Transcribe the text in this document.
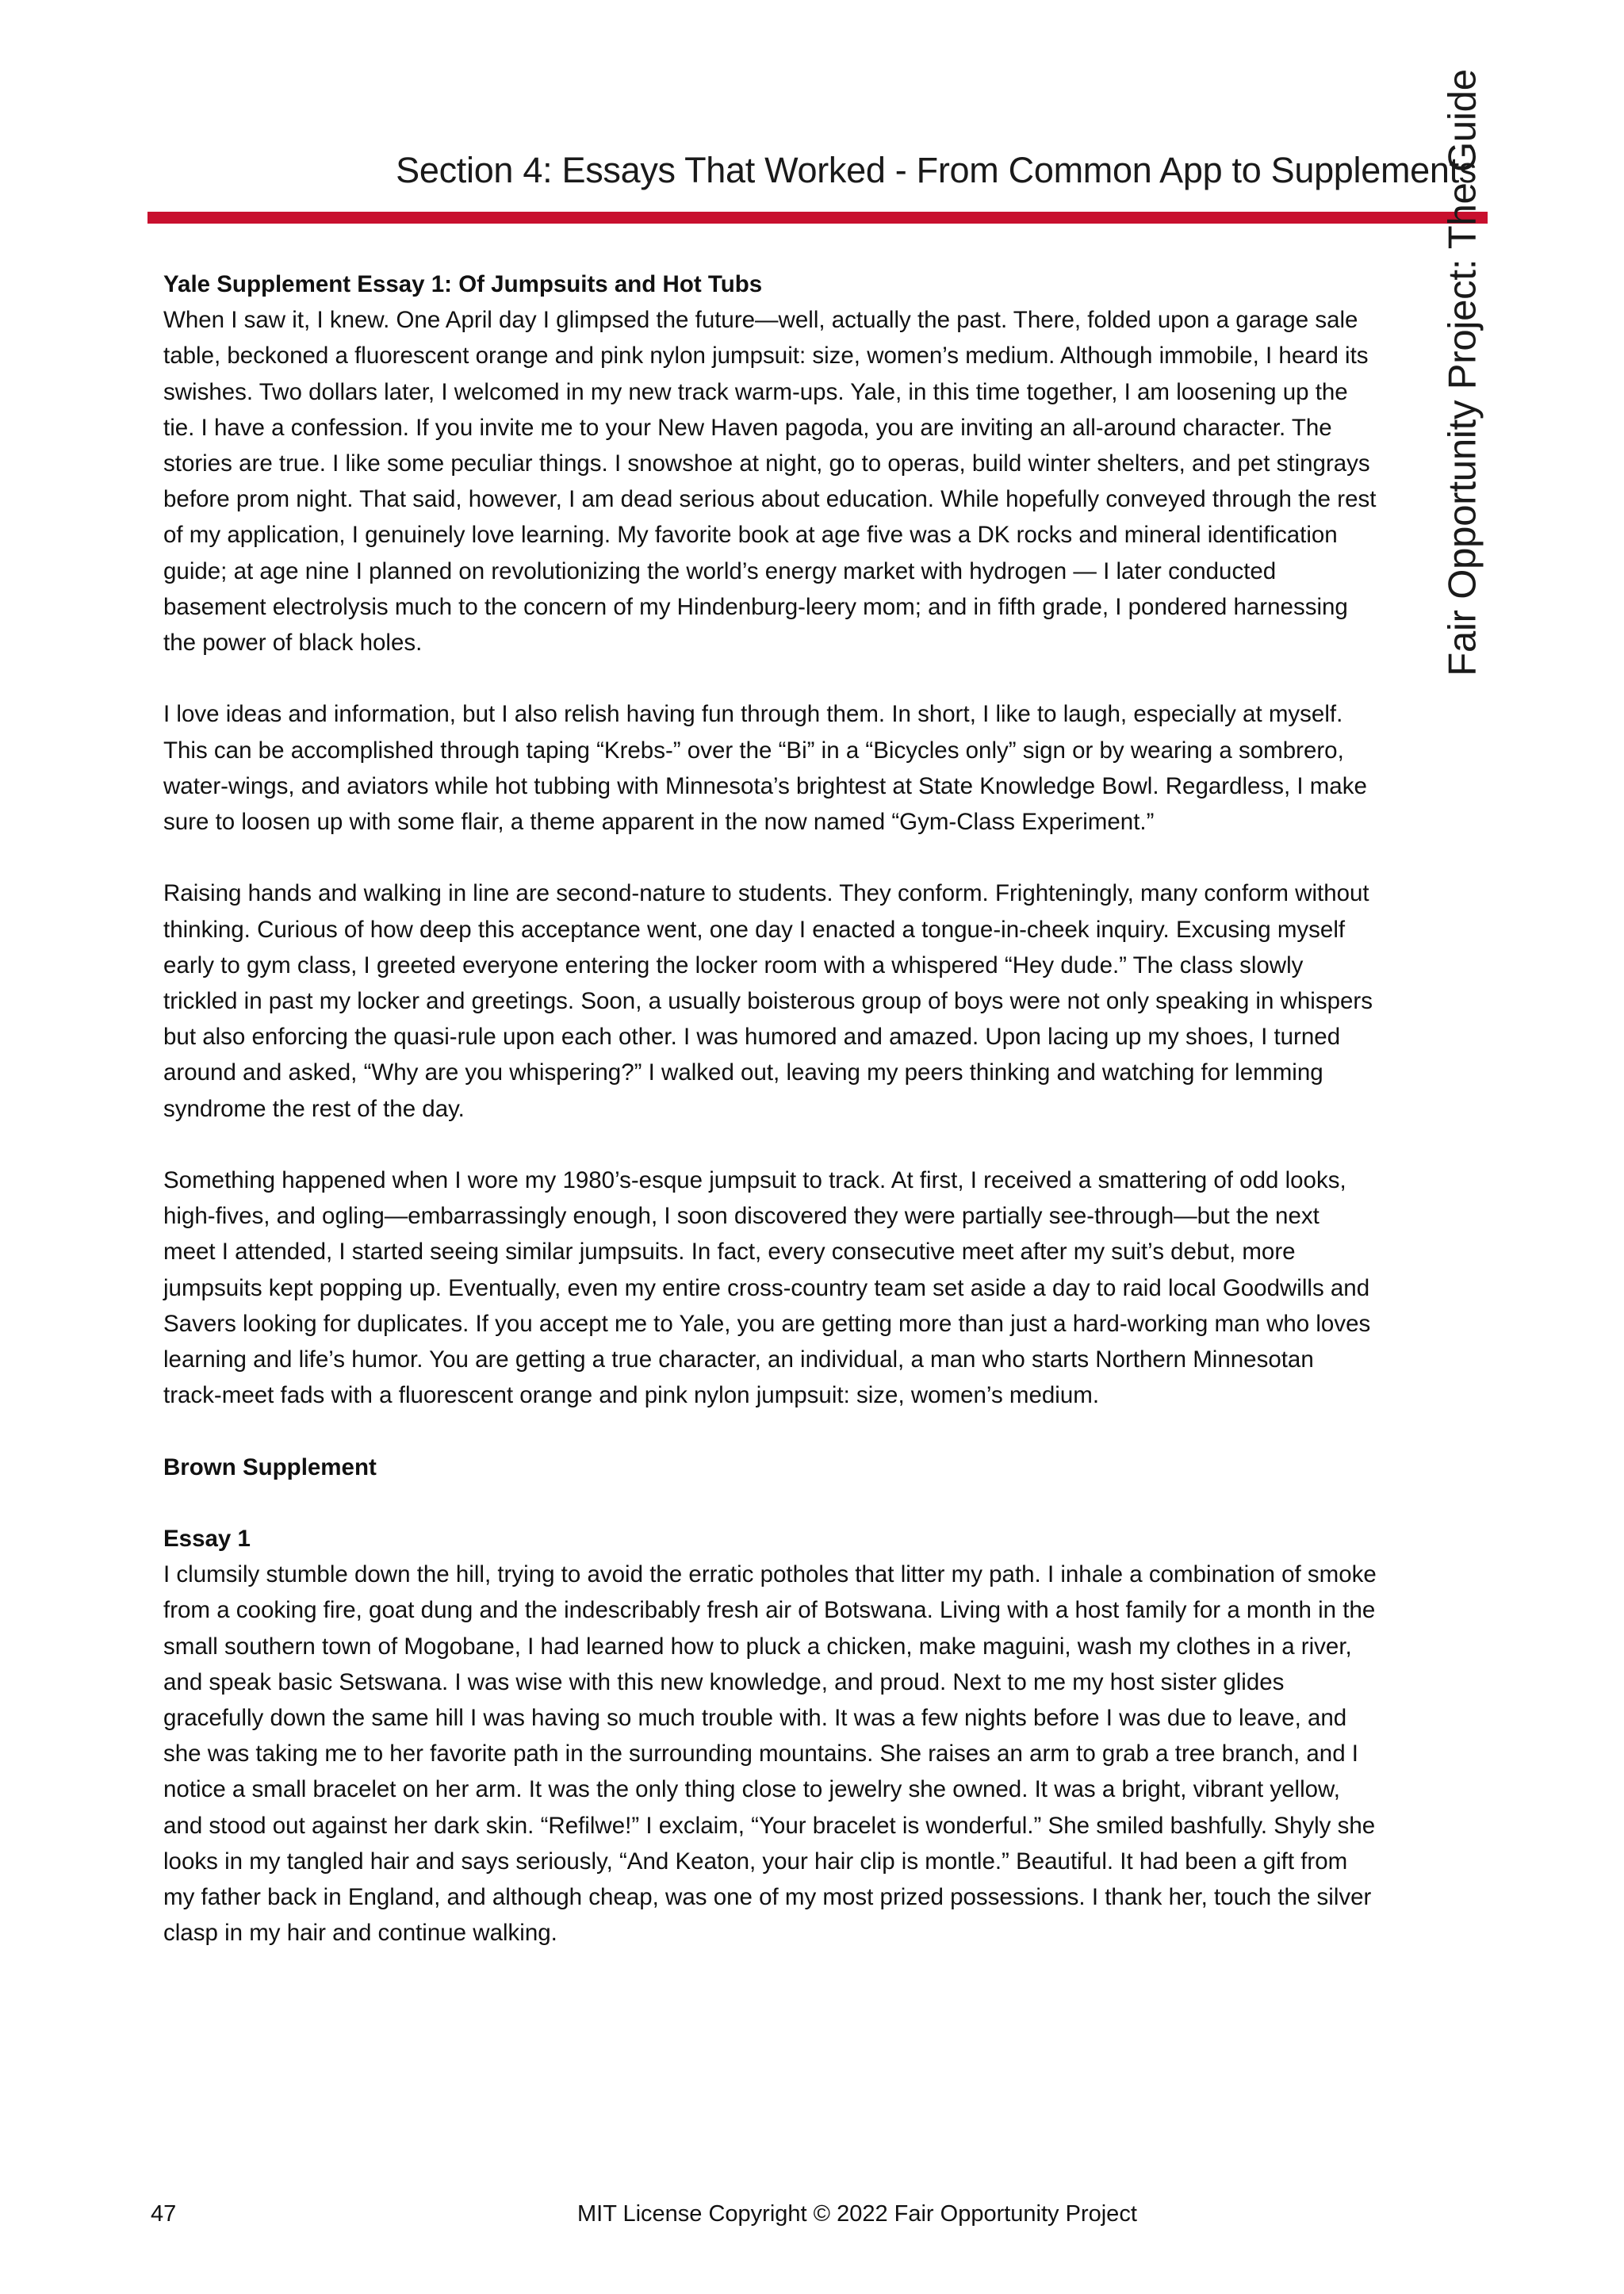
Section 4: Essays That Worked - From Common App to Supplements
Fair Opportunity Project: The Guide

Yale Supplement Essay 1: Of Jumpsuits and Hot Tubs
When I saw it, I knew. One April day I glimpsed the future—well, actually the past. There, folded upon a garage sale table, beckoned a fluorescent orange and pink nylon jumpsuit: size, women’s medium. Although immobile, I heard its swishes. Two dollars later, I welcomed in my new track warm-ups. Yale, in this time together, I am loosening up the tie. I have a confession. If you invite me to your New Haven pagoda, you are inviting an all-around character. The stories are true. I like some peculiar things. I snowshoe at night, go to operas, build winter shelters, and pet stingrays before prom night. That said, however, I am dead serious about education. While hopefully conveyed through the rest of my application, I genuinely love learning. My favorite book at age five was a DK rocks and mineral identification guide; at age nine I planned on revolutionizing the world’s energy market with hydrogen — I later conducted basement electrolysis much to the concern of my Hindenburg-leery mom; and in fifth grade, I pondered harnessing the power of black holes.

I love ideas and information, but I also relish having fun through them. In short, I like to laugh, especially at myself. This can be accomplished through taping “Krebs-” over the “Bi” in a “Bicycles only” sign or by wearing a sombrero, water-wings, and aviators while hot tubbing with Minnesota’s brightest at State Knowledge Bowl. Regardless, I make sure to loosen up with some flair, a theme apparent in the now named “Gym-Class Experiment.”

Raising hands and walking in line are second-nature to students. They conform. Frighteningly, many conform without thinking. Curious of how deep this acceptance went, one day I enacted a tongue-in-cheek inquiry. Excusing myself early to gym class, I greeted everyone entering the locker room with a whispered “Hey dude.” The class slowly trickled in past my locker and greetings. Soon, a usually boisterous group of boys were not only speaking in whispers but also enforcing the quasi-rule upon each other. I was humored and amazed. Upon lacing up my shoes, I turned around and asked, “Why are you whispering?” I walked out, leaving my peers thinking and watching for lemming syndrome the rest of the day.

Something happened when I wore my 1980’s-esque jumpsuit to track. At first, I received a smattering of odd looks, high-fives, and ogling—embarrassingly enough, I soon discovered they were partially see-through—but the next meet I attended, I started seeing similar jumpsuits. In fact, every consecutive meet after my suit’s debut, more jumpsuits kept popping up. Eventually, even my entire cross-country team set aside a day to raid local Goodwills and Savers looking for duplicates. If you accept me to Yale, you are getting more than just a hard-working man who loves learning and life’s humor. You are getting a true character, an individual, a man who starts Northern Minnesotan track-meet fads with a fluorescent orange and pink nylon jumpsuit: size, women’s medium.

Brown Supplement

Essay 1
I clumsily stumble down the hill, trying to avoid the erratic potholes that litter my path. I inhale a combination of smoke from a cooking fire, goat dung and the indescribably fresh air of Botswana. Living with a host family for a month in the small southern town of Mogobane, I had learned how to pluck a chicken, make maguini, wash my clothes in a river, and speak basic Setswana. I was wise with this new knowledge, and proud. Next to me my host sister glides gracefully down the same hill I was having so much trouble with. It was a few nights before I was due to leave, and she was taking me to her favorite path in the surrounding mountains. She raises an arm to grab a tree branch, and I notice a small bracelet on her arm. It was the only thing close to jewelry she owned. It was a bright, vibrant yellow, and stood out against her dark skin. “Refilwe!” I exclaim, “Your bracelet is wonderful.” She smiled bashfully. Shyly she looks in my tangled hair and says seriously, “And Keaton, your hair clip is montle.” Beautiful. It had been a gift from my father back in England, and although cheap, was one of my most prized possessions. I thank her, touch the silver clasp in my hair and continue walking.

47	MIT License Copyright © 2022 Fair Opportunity Project
